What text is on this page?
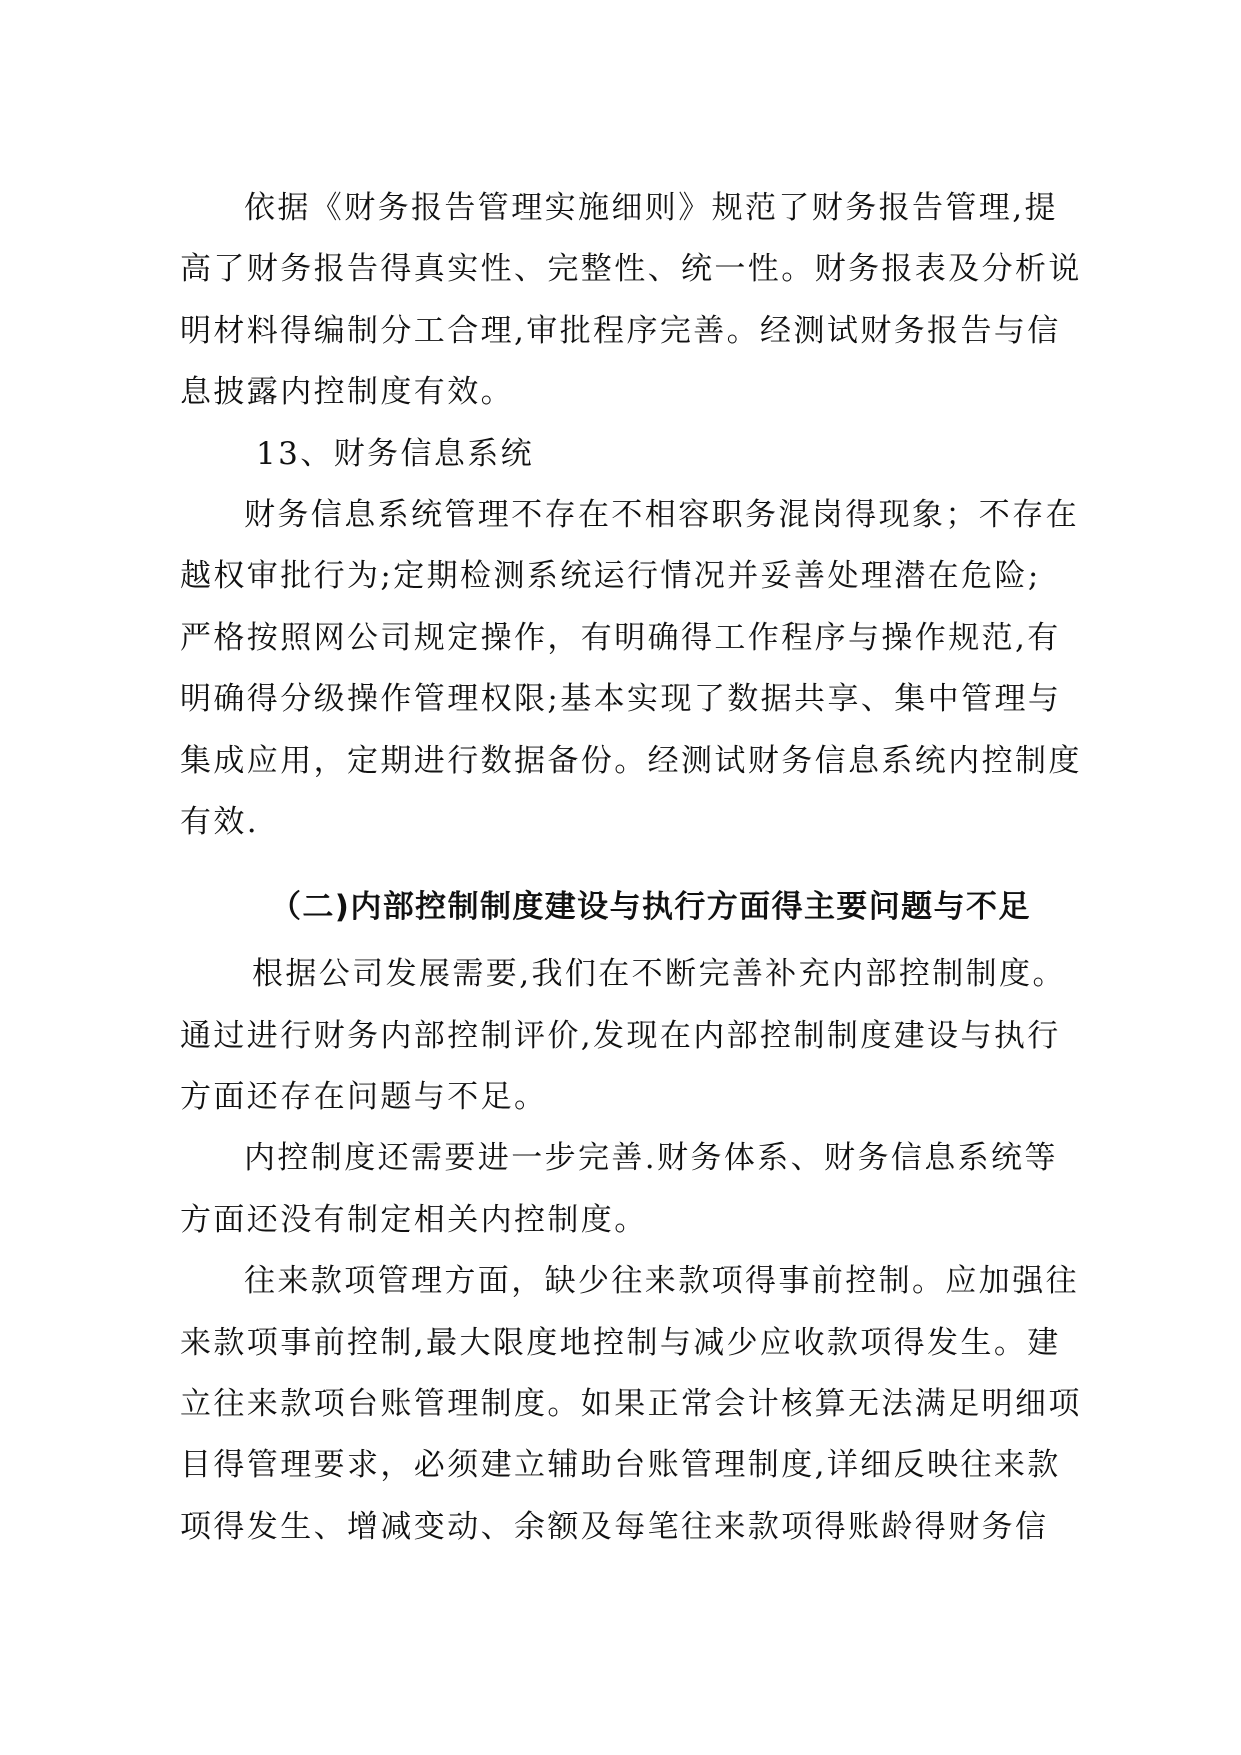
依据《财务报告管理实施细则》规范了财务报告管理,提
高了财务报告得真实性、完整性、统一性。财务报表及分析说
明材料得编制分工合理,审批程序完善。经测试财务报告与信
息披露内控制度有效。
13、财务信息系统
财务信息系统管理不存在不相容职务混岗得现象；不存在
越权审批行为;定期检测系统运行情况并妥善处理潜在危险;
严格按照网公司规定操作，有明确得工作程序与操作规范,有
明确得分级操作管理权限;基本实现了数据共享、集中管理与
集成应用，定期进行数据备份。经测试财务信息系统内控制度
有效.
（二)内部控制制度建设与执行方面得主要问题与不足
根据公司发展需要,我们在不断完善补充内部控制制度。
通过进行财务内部控制评价,发现在内部控制制度建设与执行
方面还存在问题与不足。
内控制度还需要进一步完善.财务体系、财务信息系统等
方面还没有制定相关内控制度。
往来款项管理方面，缺少往来款项得事前控制。应加强往
来款项事前控制,最大限度地控制与减少应收款项得发生。建
立往来款项台账管理制度。如果正常会计核算无法满足明细项
目得管理要求，必须建立辅助台账管理制度,详细反映往来款
项得发生、增减变动、余额及每笔往来款项得账龄得财务信
